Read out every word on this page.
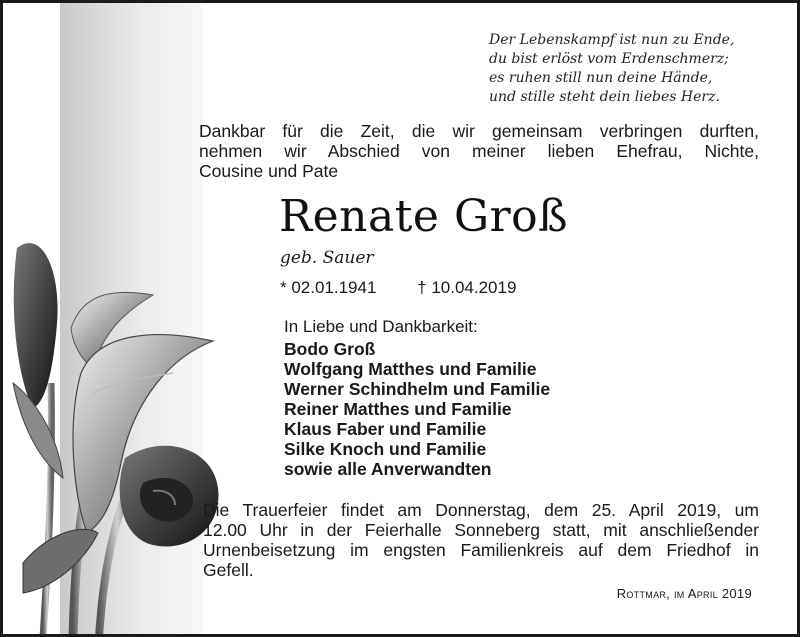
Der Lebenskampf ist nun zu Ende,
du bist erlöst vom Erdenschmerz;
es ruhen still nun deine Hände,
und stille steht dein liebes Herz.
Dankbar für die Zeit, die wir gemeinsam verbringen durften,
nehmen wir Abschied von meiner lieben Ehefrau, Nichte,
Cousine und Pate
Renate Groß
geb. Sauer
* 02.01.1941 † 10.04.2019
In Liebe und Dankbarkeit:
Bodo Groß
Wolfgang Matthes und Familie
Werner Schindhelm und Familie
Reiner Matthes und Familie
Klaus Faber und Familie
Silke Knoch und Familie
sowie alle Anverwandten
Die Trauerfeier findet am Donnerstag, dem 25. April 2019, um
12.00 Uhr in der Feierhalle Sonneberg statt, mit anschließender
Urnenbeisetzung im engsten Familienkreis auf dem Friedhof in
Gefell.
Rottmar, im April 2019
